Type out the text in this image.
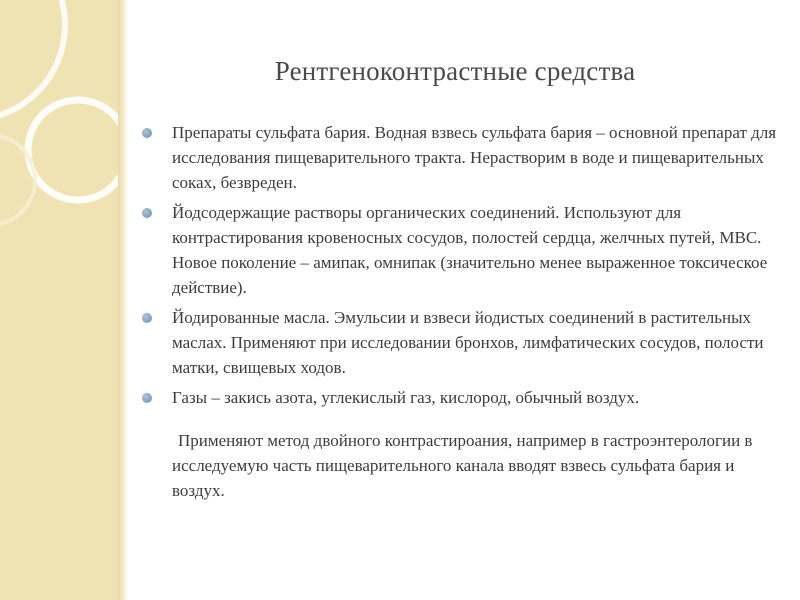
Рентгеноконтрастные средства
Препараты сульфата бария. Водная взвесь сульфата бария – основной препарат для исследования пищеварительного тракта. Нерастворим в воде и пищеварительных соках, безвреден.
Йодсодержащие растворы органических соединений. Используют для контрастирования кровеносных сосудов, полостей сердца, желчных путей, МВС. Новое поколение – амипак, омнипак (значительно менее выраженное токсическое действие).
Йодированные масла. Эмульсии и взвеси йодистых соединений в растительных маслах. Применяют при исследовании бронхов, лимфатических сосудов, полости матки, свищевых ходов.
Газы – закись азота, углекислый газ, кислород, обычный воздух.
Применяют метод двойного контрастироания, например в гастроэнтерологии в исследуемую часть пищеварительного канала вводят взвесь сульфата бария и воздух.
